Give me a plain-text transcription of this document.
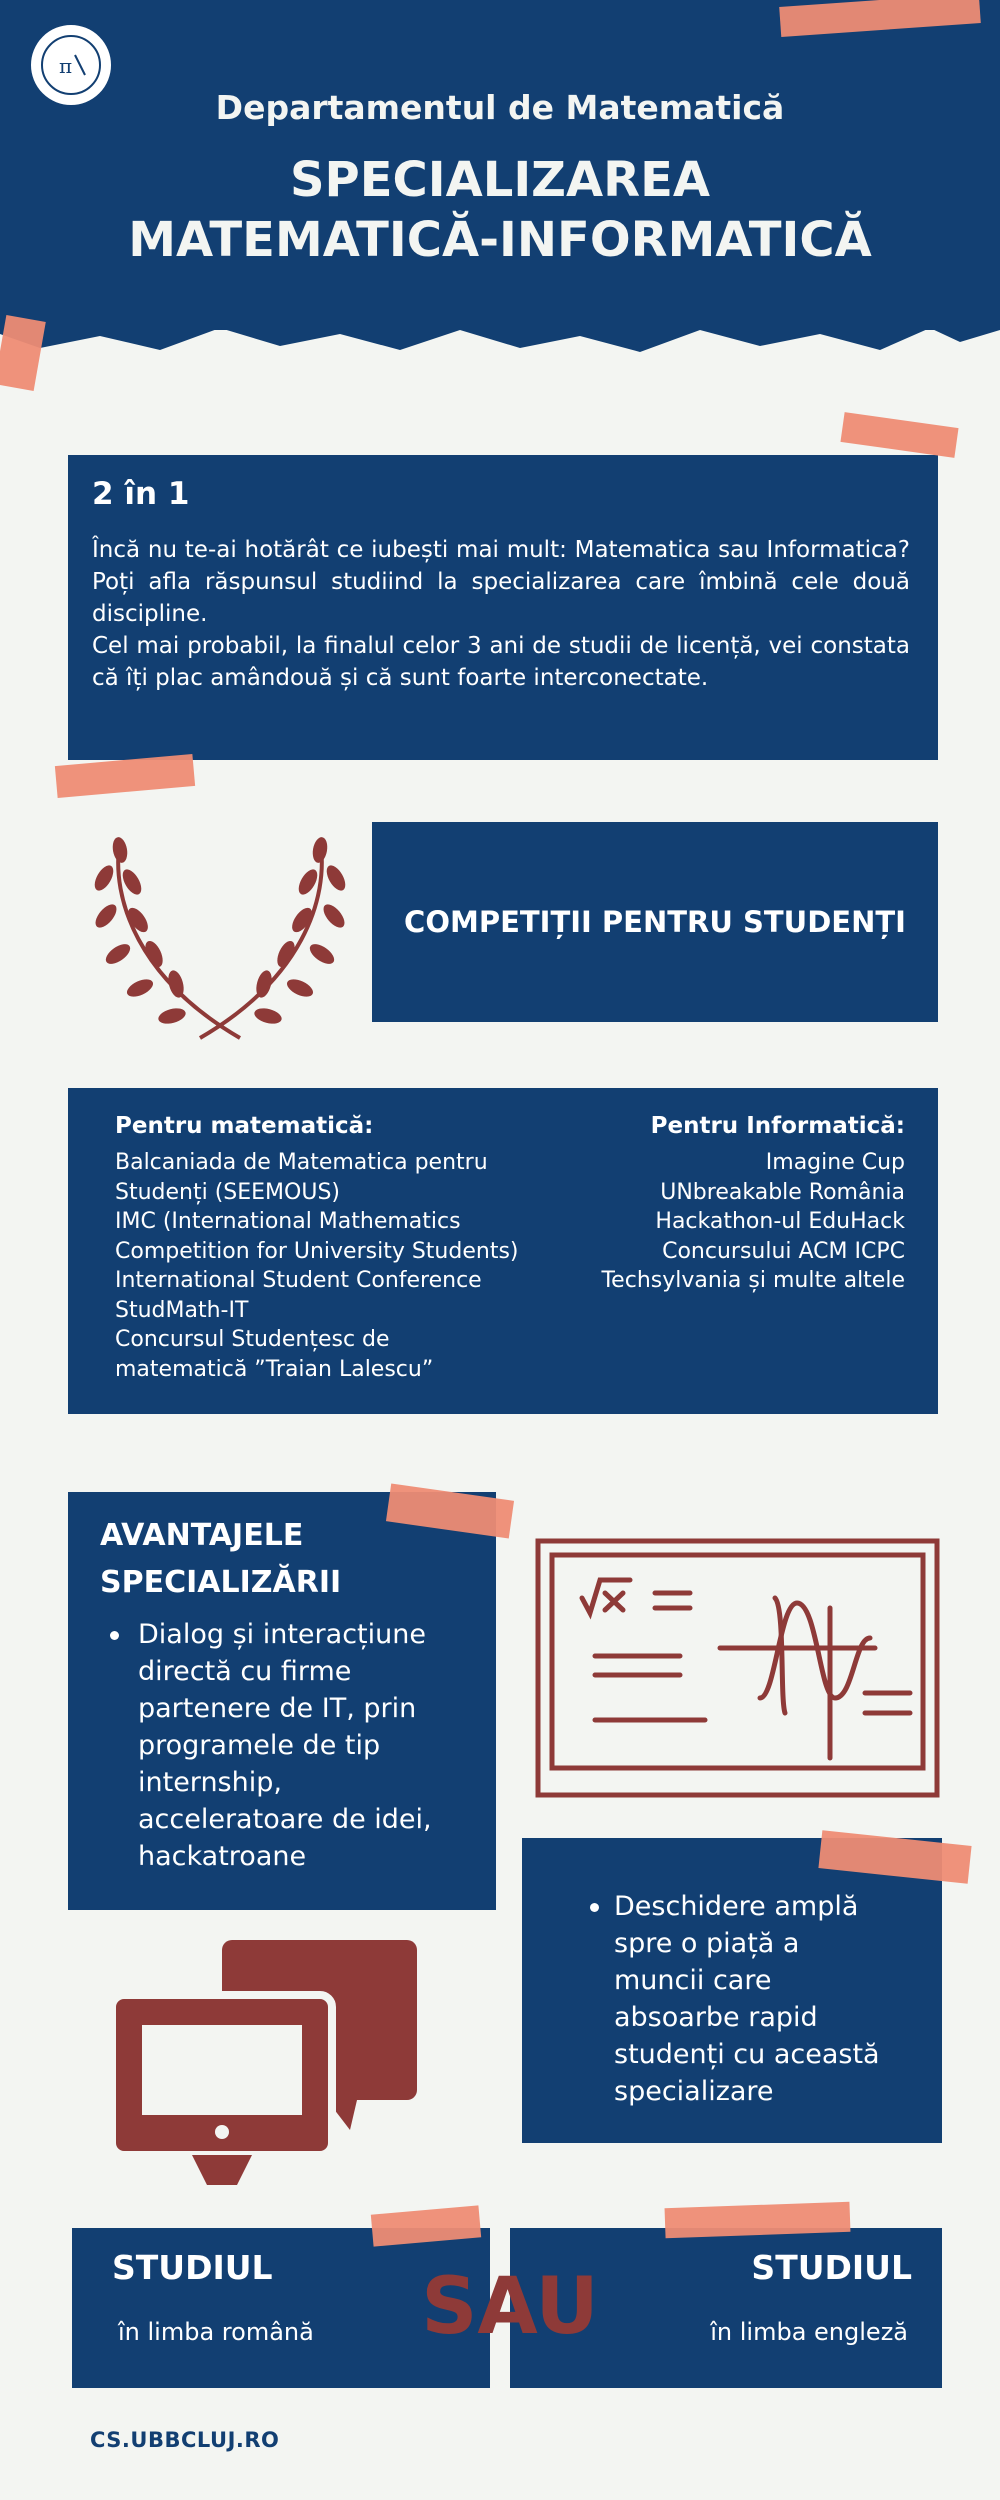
π
Departamentul de Matematică
SPECIALIZAREA
MATEMATICĂ-INFORMATICĂ
2 în 1
Încă nu te-ai hotărât ce iubești mai mult: Matematica sau Informatica? Poți afla răspunsul studiind la specializarea care îmbină cele două discipline.
Cel mai probabil, la finalul celor 3 ani de studii de licență, vei constata că îți plac amândouă și că sunt foarte interconectate.
COMPETIȚII PENTRU STUDENȚI
Pentru matematică:
Balcaniada de Matematica pentru
Studenți (SEEMOUS)
IMC (International Mathematics
Competition for University Students)
International Student Conference
StudMath-IT
Concursul Studențesc de
matematică ”Traian Lalescu”
Pentru Informatică:
Imagine Cup
UNbreakable România
Hackathon-ul EduHack
Concursului ACM ICPC
Techsylvania și multe altele
AVANTAJELE
SPECIALIZĂRII
Dialog și interacțiune
directă cu firme
partenere de IT, prin
programele de tip
internship,
acceleratoare de idei,
hackatroane
Deschidere amplă
spre o piață a
muncii care
absoarbe rapid
studenți cu această
specializare
STUDIUL
în limba română
STUDIUL
în limba engleză
SAU
CS.UBBCLUJ.RO
